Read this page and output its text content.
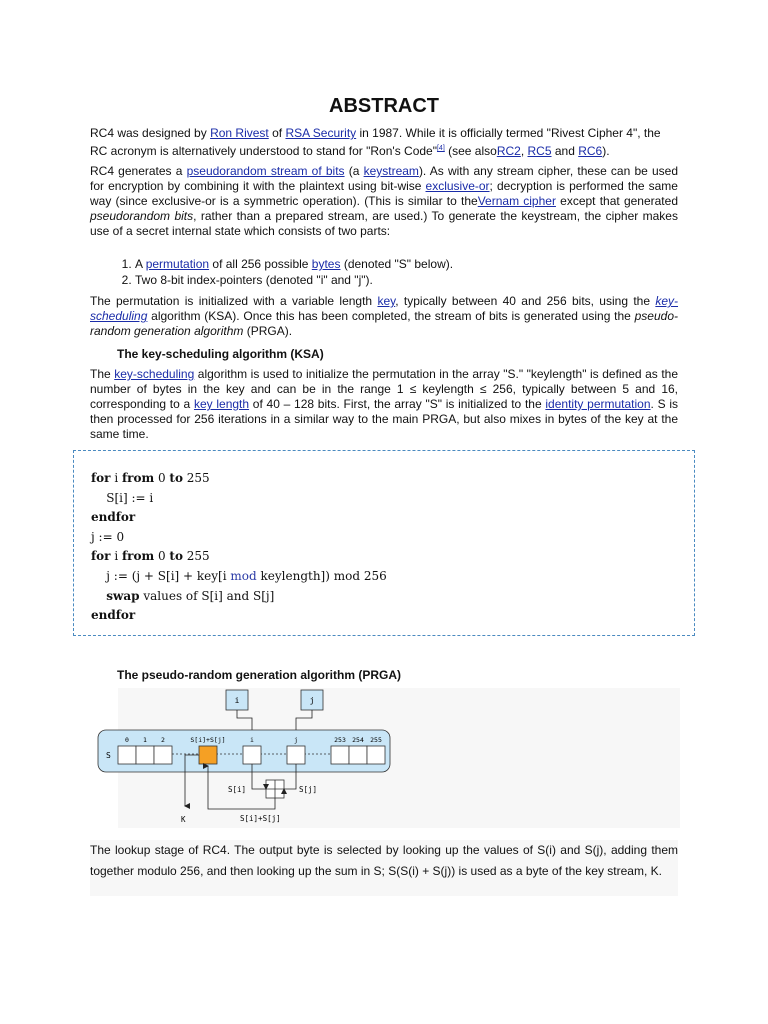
ABSTRACT

RC4 was designed by Ron Rivest of RSA Security in 1987. While it is officially termed "Rivest Cipher 4", the RC acronym is alternatively understood to stand for "Ron's Code"[4] (see alsoRC2, RC5 and RC6).

RC4 generates a pseudorandom stream of bits (a keystream). As with any stream cipher, these can be used for encryption by combining it with the plaintext using bit-wise exclusive-or; decryption is performed the same way (since exclusive-or is a symmetric operation). (This is similar to theVernam cipher except that generated pseudorandom bits, rather than a prepared stream, are used.) To generate the keystream, the cipher makes use of a secret internal state which consists of two parts:

1. A permutation of all 256 possible bytes (denoted "S" below).
2. Two 8-bit index-pointers (denoted "i" and "j").

The permutation is initialized with a variable length key, typically between 40 and 256 bits, using the key-scheduling algorithm (KSA). Once this has been completed, the stream of bits is generated using the pseudo-random generation algorithm (PRGA).

The key-scheduling algorithm (KSA)

The key-scheduling algorithm is used to initialize the permutation in the array "S." "keylength" is defined as the number of bytes in the key and can be in the range 1 ≤ keylength ≤ 256, typically between 5 and 16, corresponding to a key length of 40 – 128 bits. First, the array "S" is initialized to the identity permutation. S is then processed for 256 iterations in a similar way to the main PRGA, but also mixes in bytes of the key at the same time.

The pseudo-random generation algorithm (PRGA)
for i from 0 to 255
S[i] := i
endfor
j := 0
for i from 0 to 255
j := (j + S[i] + key[i mod keylength]) mod 256
swap values of S[i] and S[j]
endfor
i	j
S
0 1 2	S[i]+S[j]	i	j	253 254 255
S[i]	S[j]
S[i]+S[j]
K

The lookup stage of RC4. The output byte is selected by looking up the values of S(i) and S(j), adding them together modulo 256, and then looking up the sum in S; S(S(i) + S(j)) is used as a byte of the key stream, K.
